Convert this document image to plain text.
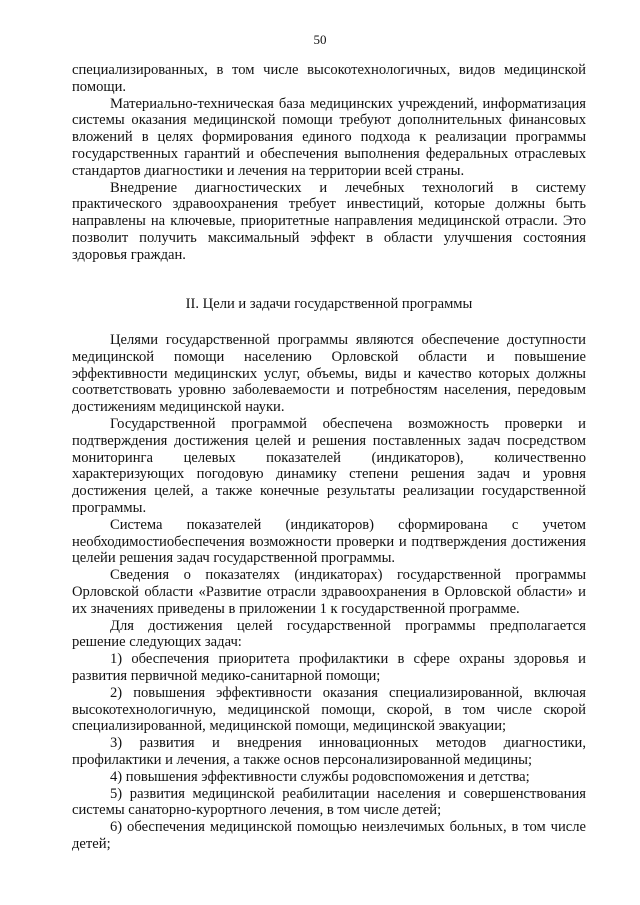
50

специализированных, в том числе высокотехнологичных, видов медицинской помощи.

Материально-техническая база медицинских учреждений, информатизация системы оказания медицинской помощи требуют дополнительных финансовых вложений в целях формирования единого подхода к реализации программы государственных гарантий и обеспечения выполнения федеральных отраслевых стандартов диагностики и лечения на территории всей страны.

Внедрение диагностических и лечебных технологий в систему практического здравоохранения требует инвестиций, которые должны быть направлены на ключевые, приоритетные направления медицинской отрасли. Это позволит получить максимальный эффект в области улучшения состояния здоровья граждан.

II. Цели и задачи государственной программы

Целями государственной программы являются обеспечение доступности медицинской помощи населению Орловской области и повышение эффективности медицинских услуг, объемы, виды и качество которых должны соответствовать уровню заболеваемости и потребностям населения, передовым достижениям медицинской науки.

Государственной программой обеспечена возможность проверки и подтверждения достижения целей и решения поставленных задач посредством мониторинга целевых показателей (индикаторов), количественно характеризующих погодовую динамику степени решения задач и уровня достижения целей, а также конечные результаты реализации государственной программы.

Система показателей (индикаторов) сформирована с учетом необходимостиобеспечения возможности проверки и подтверждения достижения целейи решения задач государственной программы.

Сведения о показателях (индикаторах) государственной программы Орловской области «Развитие отрасли здравоохранения в Орловской области» и их значениях приведены в приложении 1 к государственной программе.

Для достижения целей государственной программы предполагается решение следующих задач:

1) обеспечения приоритета профилактики в сфере охраны здоровья и развития первичной медико-санитарной помощи;

2) повышения эффективности оказания специализированной, включая высокотехнологичную, медицинской помощи, скорой, в том числе скорой специализированной, медицинской помощи, медицинской эвакуации;

3) развития и внедрения инновационных методов диагностики, профилактики и лечения, а также основ персонализированной медицины;

4) повышения эффективности службы родовспоможения и детства;

5) развития медицинской реабилитации населения и совершенствования системы санаторно-курортного лечения, в том числе детей;

6) обеспечения медицинской помощью неизлечимых больных, в том числе детей;
